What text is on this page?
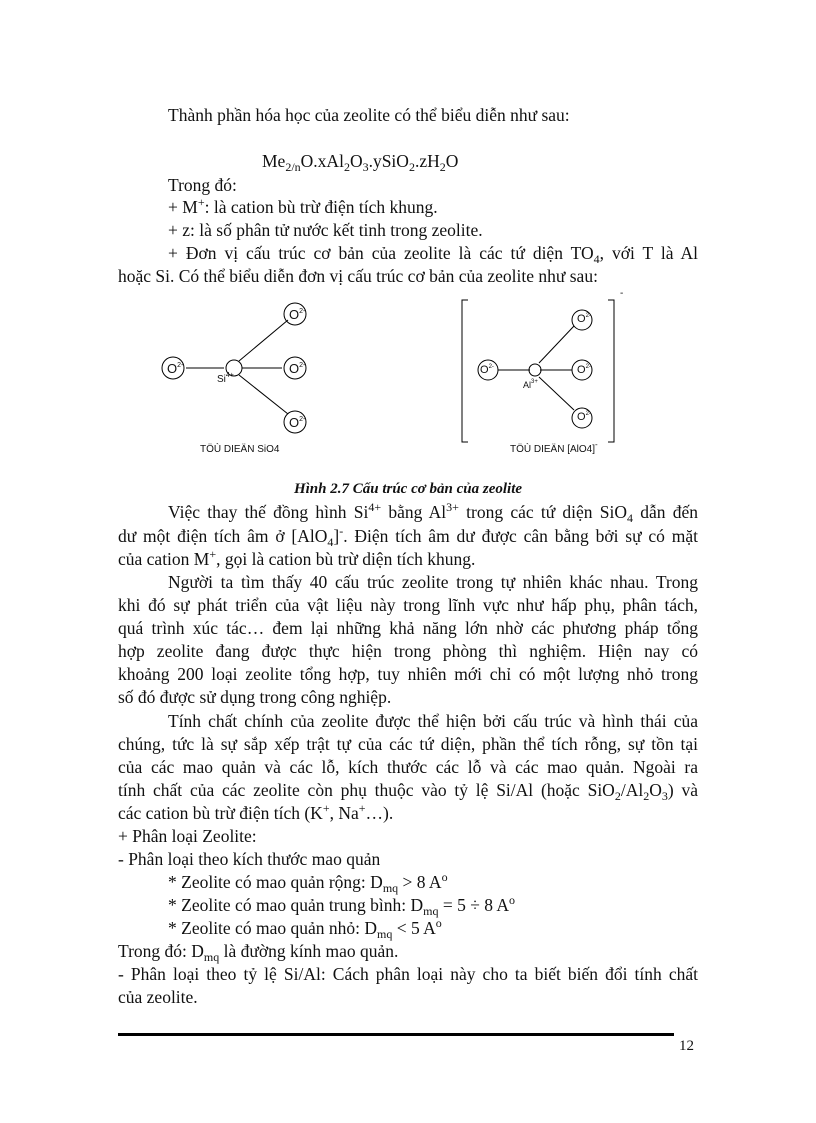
Thành phần hóa học của zeolite có thể biểu diễn như sau:
$Me_{2/n}O.xAl_2O_3.ySiO_2.zH_2O$
Trong đó:
+ M+: là cation bù trừ điện tích khung.
+ z: là số phân tử nước kết tinh trong zeolite.
+ Đơn vị cấu trúc cơ bản của zeolite là các tứ diện $TO_4$, với T là Al
hoặc Si. Có thể biểu diễn đơn vị cấu trúc cơ bản của zeolite như sau:
$O^{2-}$
$O^{2-}$
$O^{2-}$
$O^{2-}$
$Si^{4+}$
TÖÙ DIEÄN SiO4
$O^{2-}$
$O^{2-}$
$O^{2-}$
$O^{2-}$
$Al^{3+}$
-
TÖÙ DIEÄN [AlO4]-
Hình 2.7 Cấu trúc cơ bản của zeolite
Việc thay thế đồng hình $Si^{4+}$ bằng $Al^{3+}$ trong các tứ diện SiO$_4$ dẫn đến
dư một điện tích âm ở [AlO$_4$]-. Điện tích âm dư được cân bằng bởi sự có mặt
của cation M+, gọi là cation bù trừ diện tích khung.
Người ta tìm thấy 40 cấu trúc zeolite trong tự nhiên khác nhau. Trong
khi đó sự phát triển của vật liệu này trong lĩnh vực như hấp phụ, phân tách,
quá trình xúc tác… đem lại những khả năng lớn nhờ các phương pháp tổng
hợp zeolite đang được thực hiện trong phòng thì nghiệm. Hiện nay có
khoảng 200 loại zeolite tổng hợp, tuy nhiên mới chỉ có một lượng nhỏ trong
số đó được sử dụng trong công nghiệp.
Tính chất chính của zeolite được thể hiện bởi cấu trúc và hình thái của
chúng, tức là sự sắp xếp trật tự của các tứ diện, phần thể tích rỗng, sự tồn tại
của các mao quản và các lỗ, kích thước các lỗ và các mao quản. Ngoài ra
tính chất của các zeolite còn phụ thuộc vào tỷ lệ Si/Al (hoặc $SiO_2/Al_2O_3$) và
các cation bù trừ điện tích (K+, Na+…).
+ Phân loại Zeolite:
- Phân loại theo kích thước mao quản
* Zeolite có mao quản rộng: $D_{mq} > 8$ $A^o$
* Zeolite có mao quản trung bình: $D_{mq} = 5 \div 8$ $A^o$
* Zeolite có mao quản nhỏ: $D_{mq} < 5$ $A^o$
Trong đó: $D_{mq}$ là đường kính mao quản.
- Phân loại theo tỷ lệ Si/Al: Cách phân loại này cho ta biết biến đổi tính chất
của zeolite.
12
